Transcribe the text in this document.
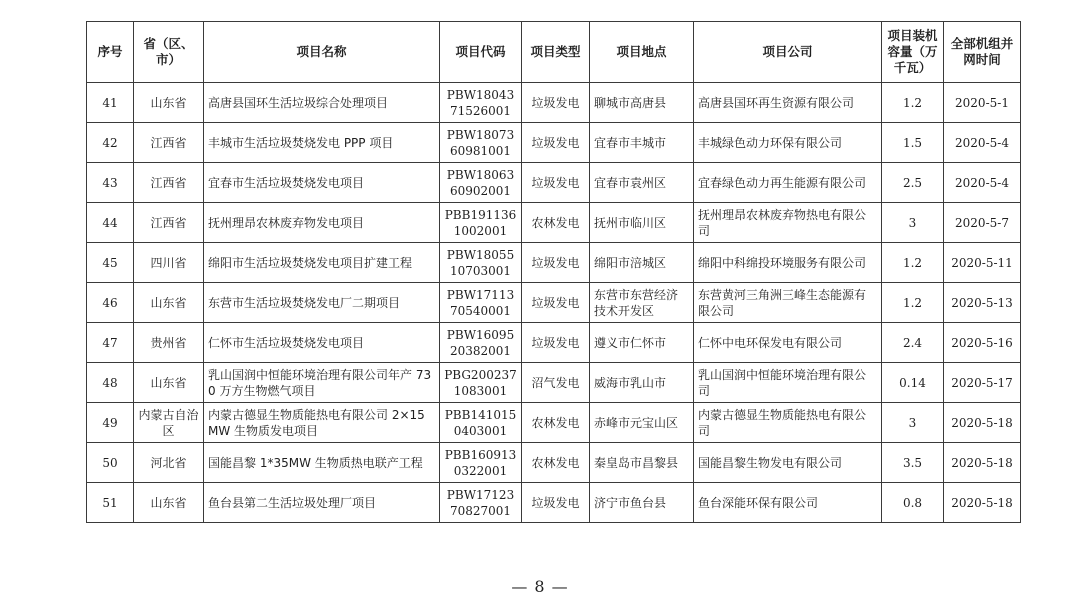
序号	省（区、市）	项目名称	项目代码	项目类型	项目地点	项目公司	项目装机容量（万千瓦）	全部机组并网时间
41	山东省	高唐县国环生活垃圾综合处理项目	PBW1804371526001	垃圾发电	聊城市高唐县	高唐县国环再生资源有限公司	1.2	2020-5-1
42	江西省	丰城市生活垃圾焚烧发电 PPP 项目	PBW1807360981001	垃圾发电	宜春市丰城市	丰城绿色动力环保有限公司	1.5	2020-5-4
43	江西省	宜春市生活垃圾焚烧发电项目	PBW1806360902001	垃圾发电	宜春市袁州区	宜春绿色动力再生能源有限公司	2.5	2020-5-4
44	江西省	抚州理昂农林废弃物发电项目	PBB1911361002001	农林发电	抚州市临川区	抚州理昂农林废弃物热电有限公司	3	2020-5-7
45	四川省	绵阳市生活垃圾焚烧发电项目扩建工程	PBW1805510703001	垃圾发电	绵阳市涪城区	绵阳中科绵投环境服务有限公司	1.2	2020-5-11
46	山东省	东营市生活垃圾焚烧发电厂二期项目	PBW1711370540001	垃圾发电	东营市东营经济技术开发区	东营黄河三角洲三峰生态能源有限公司	1.2	2020-5-13
47	贵州省	仁怀市生活垃圾焚烧发电项目	PBW1609520382001	垃圾发电	遵义市仁怀市	仁怀中电环保发电有限公司	2.4	2020-5-16
48	山东省	乳山国润中恒能环境治理有限公司年产 730 万方生物燃气项目	PBG2002371083001	沼气发电	威海市乳山市	乳山国润中恒能环境治理有限公司	0.14	2020-5-17
49	内蒙古自治区	内蒙古德显生物质能热电有限公司 2×15MW 生物质发电项目	PBB1410150403001	农林发电	赤峰市元宝山区	内蒙古德显生物质能热电有限公司	3	2020-5-18
50	河北省	国能昌黎 1*35MW 生物质热电联产工程	PBB1609130322001	农林发电	秦皇岛市昌黎县	国能昌黎生物发电有限公司	3.5	2020-5-18
51	山东省	鱼台县第二生活垃圾处理厂项目	PBW1712370827001	垃圾发电	济宁市鱼台县	鱼台深能环保有限公司	0.8	2020-5-18
— 8 —
